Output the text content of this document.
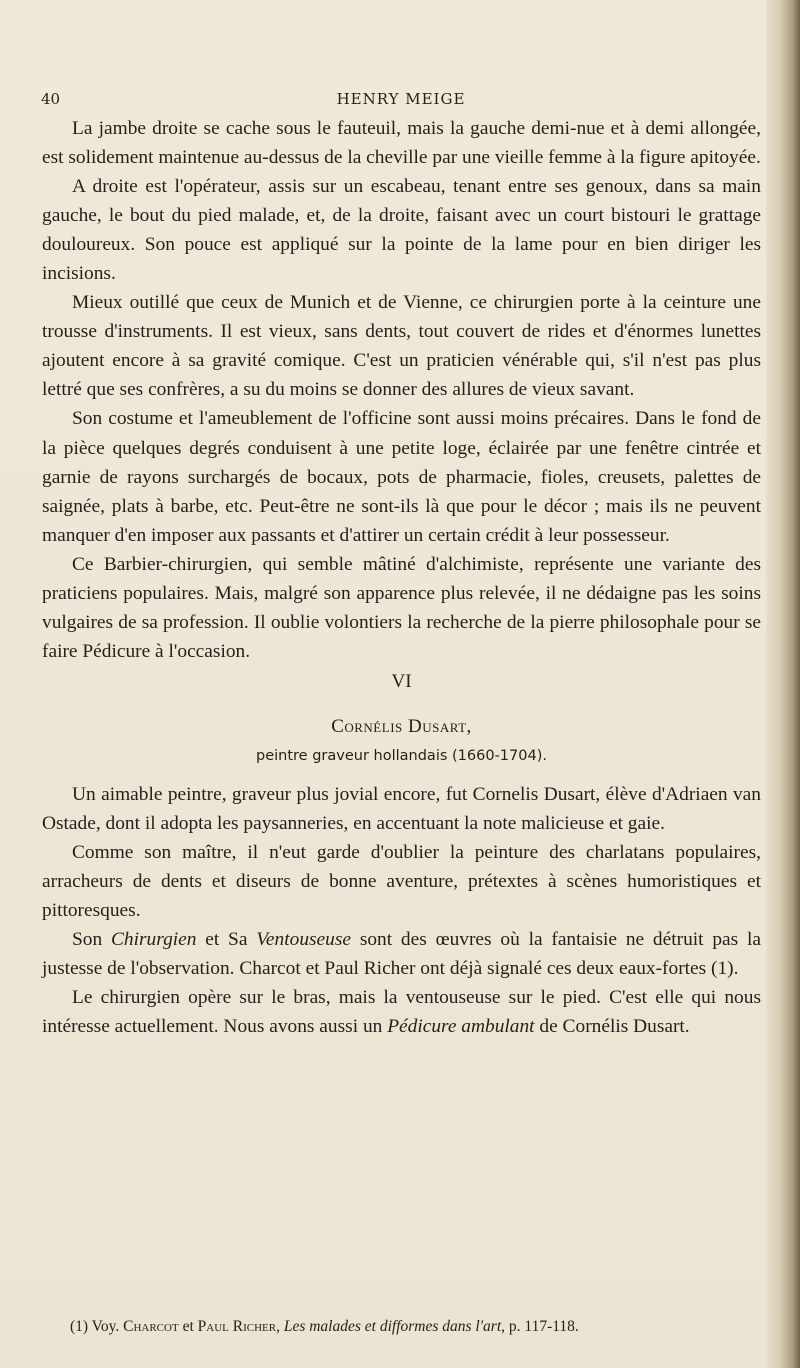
40	HENRY MEIGE

La jambe droite se cache sous le fauteuil, mais la gauche demi-nue et à demi allongée, est solidement maintenue au-dessus de la cheville par une vieille femme à la figure apitoyée.

A droite est l'opérateur, assis sur un escabeau, tenant entre ses genoux, dans sa main gauche, le bout du pied malade, et, de la droite, faisant avec un court bistouri le grattage douloureux. Son pouce est appliqué sur la pointe de la lame pour en bien diriger les incisions.

Mieux outillé que ceux de Munich et de Vienne, ce chirurgien porte à la ceinture une trousse d'instruments. Il est vieux, sans dents, tout couvert de rides et d'énormes lunettes ajoutent encore à sa gravité comique. C'est un praticien vénérable qui, s'il n'est pas plus lettré que ses confrères, a su du moins se donner des allures de vieux savant.

Son costume et l'ameublement de l'officine sont aussi moins précaires. Dans le fond de la pièce quelques degrés conduisent à une petite loge, éclairée par une fenêtre cintrée et garnie de rayons surchargés de bocaux, pots de pharmacie, fioles, creusets, palettes de saignée, plats à barbe, etc. Peut-être ne sont-ils là que pour le décor ; mais ils ne peuvent manquer d'en imposer aux passants et d'attirer un certain crédit à leur possesseur.

Ce Barbier-chirurgien, qui semble mâtiné d'alchimiste, représente une variante des praticiens populaires. Mais, malgré son apparence plus relevée, il ne dédaigne pas les soins vulgaires de sa profession. Il oublie volontiers la recherche de la pierre philosophale pour se faire Pédicure à l'occasion.

VI

Cornélis Dusart,

peintre graveur hollandais (1660-1704).

Un aimable peintre, graveur plus jovial encore, fut Cornelis Dusart, élève d'Adriaen van Ostade, dont il adopta les paysanneries, en accentuant la note malicieuse et gaie.

Comme son maître, il n'eut garde d'oublier la peinture des charlatans populaires, arracheurs de dents et diseurs de bonne aventure, prétextes à scènes humoristiques et pittoresques.

Son Chirurgien et Sa Ventouseuse sont des œuvres où la fantaisie ne détruit pas la justesse de l'observation. Charcot et Paul Richer ont déjà signalé ces deux eaux-fortes (1).

Le chirurgien opère sur le bras, mais la ventouseuse sur le pied. C'est elle qui nous intéresse actuellement. Nous avons aussi un Pédicure ambulant de Cornélis Dusart.

(1) Voy. Charcot et Paul Richer, Les malades et difformes dans l'art, p. 117-118.
